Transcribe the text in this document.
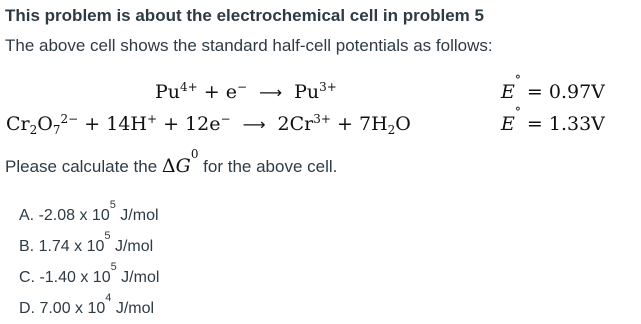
This problem is about the electrochemical cell in problem 5
The above cell shows the standard half-cell potentials as follows:
$Pu^{4+} + e^-$ ⟶ $Pu^{3+}$	E° = 0.97V
$Cr_2O_7^{2-} + 14H^+ + 12e^-$ ⟶ $2Cr^{3+} + 7H_2O$	E° = 1.33V
Please calculate the $\Delta G^0$ for the above cell.
A. -2.08 x $10^5$ J/mol
B. 1.74 x $10^5$ J/mol
C. -1.40 x $10^5$ J/mol
D. 7.00 x $10^4$ J/mol
